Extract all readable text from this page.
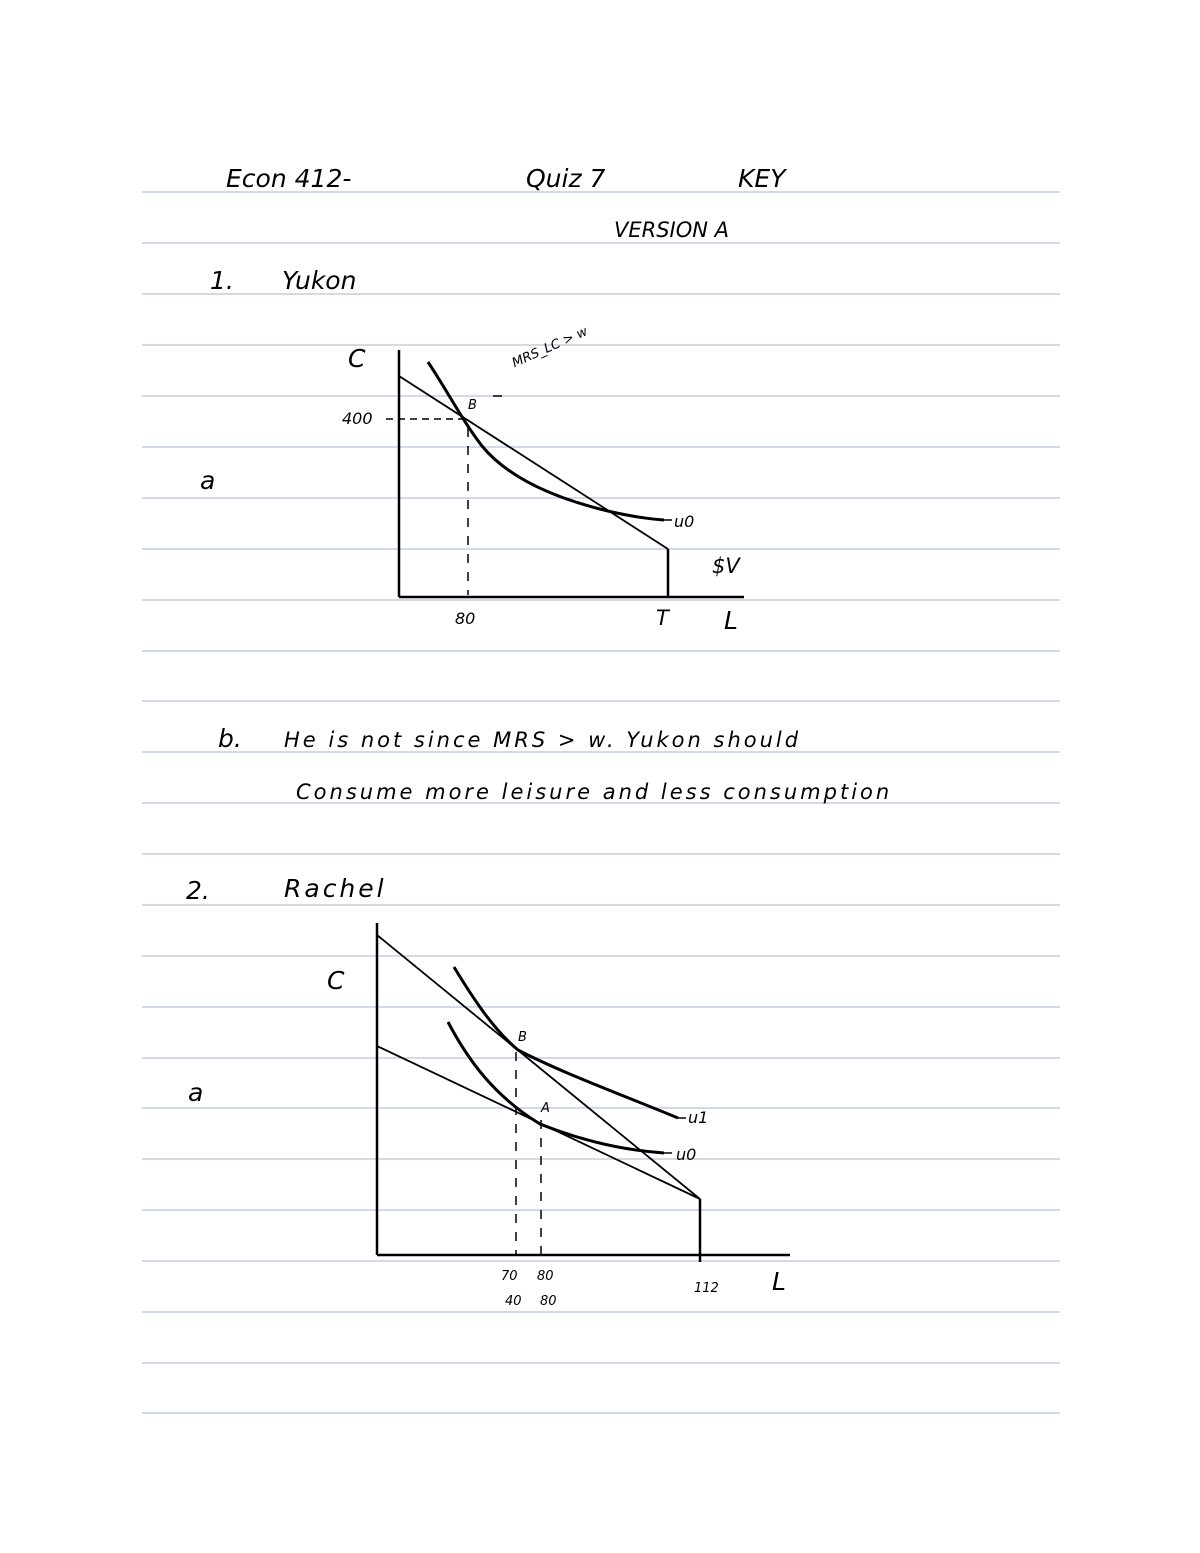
Econ 412-	Quiz 7	KEY
VERSION A
1. Yukon
a
C
400
B
MRS_LC > w
u0
$V
80	T L
b. He is not since MRS > w. Yukon should
Consume more leisure and less consumption
2.	Rachel
a
C
B
A	u1
u0
70 80
40 80
112 L
